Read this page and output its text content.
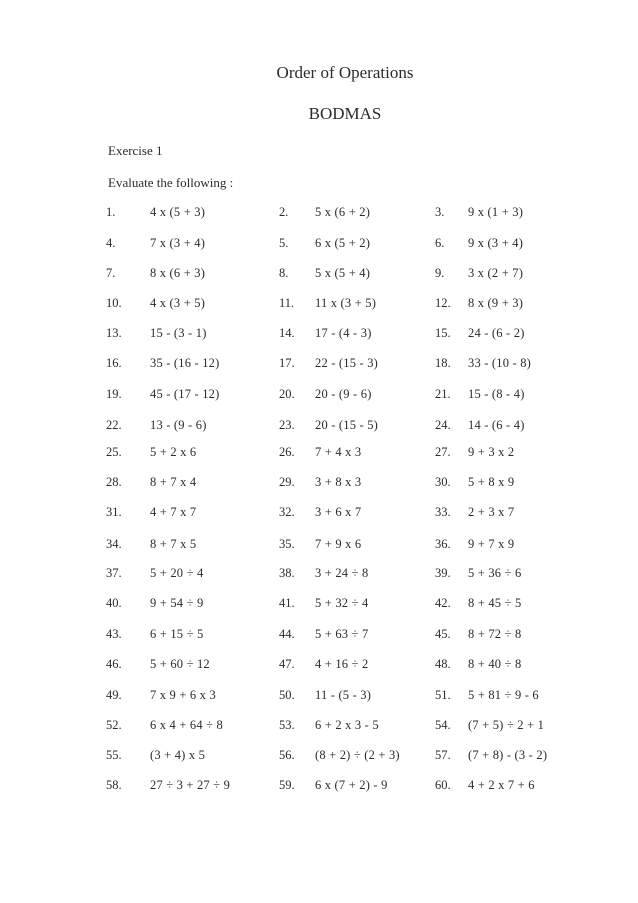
Order of Operations
BODMAS
Exercise 1
Evaluate the following :
1.	4 x (5 + 3)	2. 5 x (6 + 2)	3. 9 x (1 + 3)
4.	7 x (3 + 4)	5. 6 x (5 + 2)	6. 9 x (3 + 4)
7.	8 x (6 + 3)	8. 5 x (5 + 4)	9. 3 x (2 + 7)
10. 4 x (3 + 5)	11. 11 x (3 + 5)	12. 8 x (9 + 3)
13. 15 - (3 - 1)	14. 17 - (4 - 3)	15. 24 - (6 - 2)
16. 35 - (16 - 12)	17. 22 - (15 - 3)	18. 33 - (10 - 8)
19. 45 - (17 - 12)	20. 20 - (9 - 6)	21. 15 - (8 - 4)
22. 13 - (9 - 6)	23. 20 - (15 - 5)	24. 14 - (6 - 4)
25. 5 + 2 x 6	26. 7 + 4 x 3	27. 9 + 3 x 2
28. 8 + 7 x 4	29. 3 + 8 x 3	30. 5 + 8 x 9
31. 4 + 7 x 7	32. 3 + 6 x 7	33. 2 + 3 x 7
34. 8 + 7 x 5	35. 7 + 9 x 6	36. 9 + 7 x 9
37. 5 + 20 ÷ 4	38. 3 + 24 ÷ 8	39. 5 + 36 ÷ 6
40. 9 + 54 ÷ 9	41. 5 + 32 ÷ 4	42. 8 + 45 ÷ 5
43. 6 + 15 ÷ 5	44. 5 + 63 ÷ 7	45. 8 + 72 ÷ 8
46. 5 + 60 ÷ 12	47. 4 + 16 ÷ 2	48. 8 + 40 ÷ 8
49. 7 x 9 + 6 x 3	50. 11 - (5 - 3)	51. 5 + 81 ÷ 9 - 6
52. 6 x 4 + 64 ÷ 8	53. 6 + 2 x 3 - 5	54. (7 + 5) ÷ 2 + 1
55. (3 + 4) x 5	56. (8 + 2) ÷ (2 + 3)	57. (7 + 8) - (3 - 2)
58. 27 ÷ 3 + 27 ÷ 9	59. 6 x (7 + 2) - 9	60. 4 + 2 x 7 + 6
